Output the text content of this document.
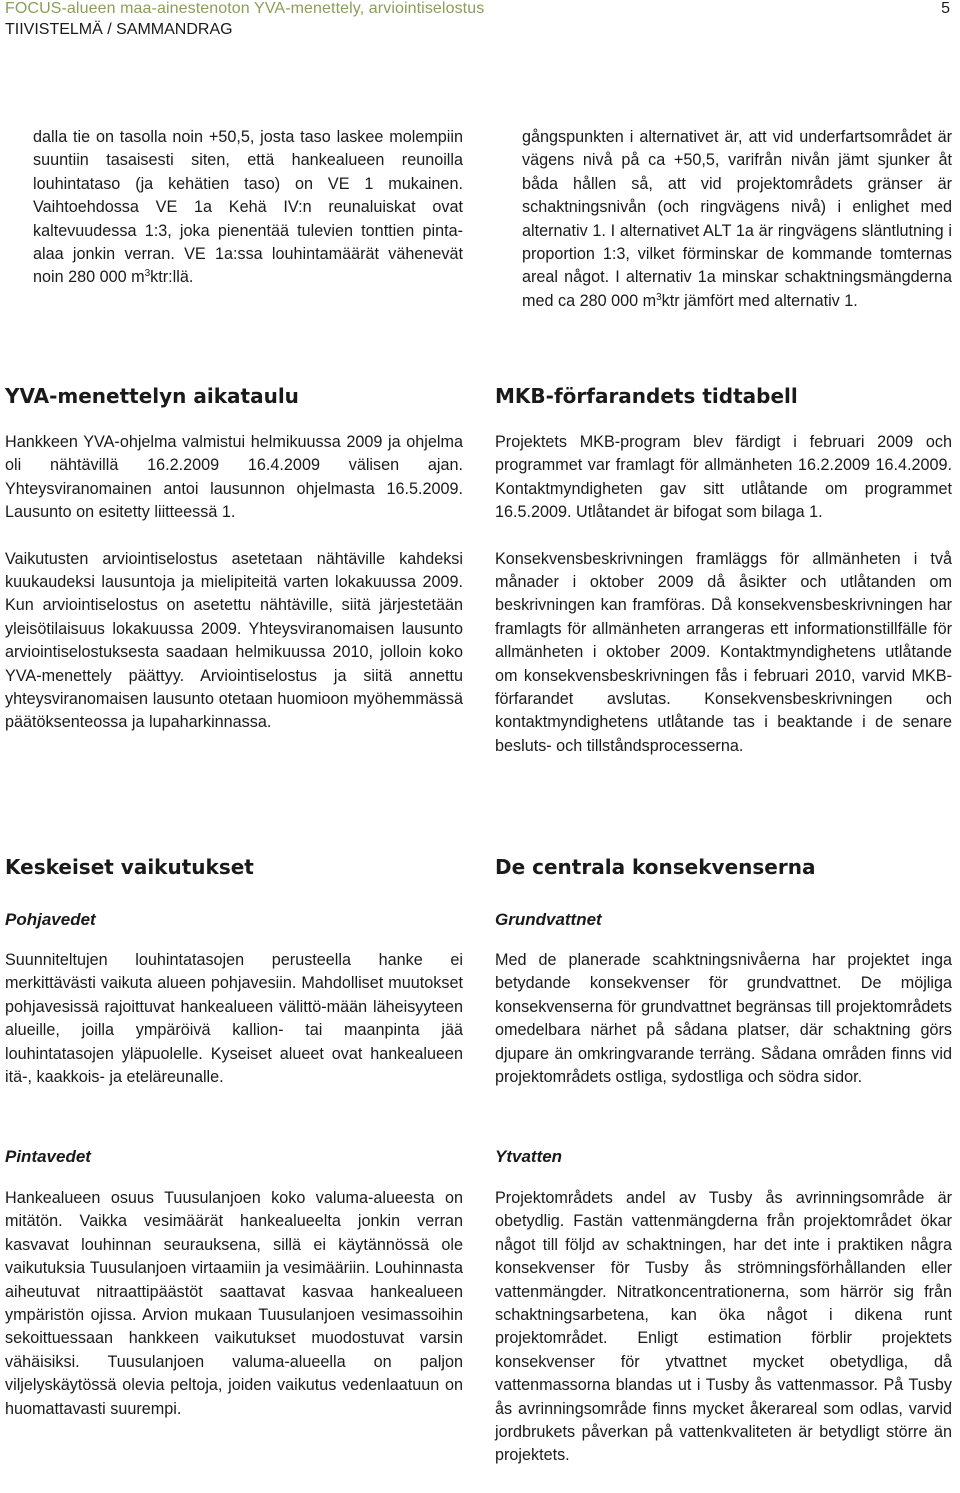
FOCUS-alueen maa-ainestenoton YVA-menettely, arviointiselostus
TIIVISTELMÄ / SAMMANDRAG
5

dalla tie on tasolla noin +50,5, josta taso laskee molempiin suuntiin tasaisesti siten, että hankealueen reunoilla louhintataso (ja kehätien taso) on VE 1 mukainen. Vaihtoehdossa VE 1a Kehä IV:n reunaluiskat ovat kaltevuudessa 1:3, joka pienentää tulevien tonttien pinta-alaa jonkin verran. VE 1a:ssa louhintamäärät vähenevät noin 280 000 $m^3ktr:llä$.

YVA-menettelyn aikataulu

Hankkeen YVA-ohjelma valmistui helmikuussa 2009 ja ohjelma oli nähtävillä 16.2.2009 16.4.2009 välisen ajan. Yhteysviranomainen antoi lausunnon ohjelmasta 16.5.2009. Lausunto on esitetty liitteessä 1.

Vaikutusten arviointiselostus asetetaan nähtäville kahdeksi kuukaudeksi lausuntoja ja mielipiteitä varten lokakuussa 2009. Kun arviointiselostus on asetettu nähtäville, siitä järjestetään yleisötilaisuus lokakuussa 2009. Yhteysviranomaisen lausunto arviointiselostuksesta saadaan helmikuussa 2010, jolloin koko YVA-menettely päättyy. Arviointiselostus ja siitä annettu yhteysviranomaisen lausunto otetaan huomioon myöhemmässä päätöksenteossa ja lupaharkinnassa.

Keskeiset vaikutukset
Pohjavedet

Suunniteltujen louhintatasojen perusteella hanke ei merkittävästi vaikuta alueen pohjavesiin. Mahdolliset muutokset pohjavesissä rajoittuvat hankealueen välittö-mään läheisyyteen alueille, joilla ympäröivä kallion- tai maanpinta jää louhintatasojen yläpuolelle. Kyseiset alueet ovat hankealueen itä-, kaakkois- ja eteläreunalle.

Pintavedet

Hankealueen osuus Tuusulanjoen koko valuma-alueesta on mitätön. Vaikka vesimäärät hankealueelta jonkin verran kasvavat louhinnan seurauksena, sillä ei käytännössä ole vaikutuksia Tuusulanjoen virtaamiin ja vesimääriin. Louhinnasta aiheutuvat nitraattipäästöt saattavat kasvaa hankealueen ympäristön ojissa. Arvion mukaan Tuusulanjoen vesimassoihin sekoittuessaan hankkeen vaikutukset muodostuvat varsin vähäisiksi. Tuusulanjoen valuma-alueella on paljon viljelyskäytössä olevia peltoja, joiden vaikutus vedenlaatuun on huomattavasti suurempi.

gångspunkten i alternativet är, att vid underfartsområdet är vägens nivå på ca +50,5, varifrån nivån jämt sjunker åt båda hållen så, att vid projektområdets gränser är schaktningsnivån (och ringvägens nivå) i enlighet med alternativ 1. I alternativet ALT 1a är ringvägens släntlutning i proportion 1:3, vilket förminskar de kommande tomternas areal något. I alternativ 1a minskar schaktningsmängderna med ca 280 000 $m^3ktr$ jämfört med alternativ 1.

MKB-förfarandets tidtabell

Projektets MKB-program blev färdigt i februari 2009 och programmet var framlagt för allmänheten 16.2.2009 16.4.2009. Kontaktmyndigheten gav sitt utlåtande om programmet 16.5.2009. Utlåtandet är bifogat som bilaga 1.

Konsekvensbeskrivningen framläggs för allmänheten i två månader i oktober 2009 då åsikter och utlåtanden om beskrivningen kan framföras. Då konsekvensbeskrivningen har framlagts för allmänheten arrangeras ett informationstillfälle för allmänheten i oktober 2009. Kontaktmyndighetens utlåtande om konsekvensbeskrivningen fås i februari 2010, varvid MKB-förfarandet avslutas. Konsekvensbeskrivningen och kontaktmyndighetens utlåtande tas i beaktande i de senare besluts- och tillståndsprocesserna.

De centrala konsekvenserna
Grundvattnet

Med de planerade scahktningsnivåerna har projektet inga betydande konsekvenser för grundvattnet. De möjliga konsekvenserna för grundvattnet begränsas till projektområdets omedelbara närhet på sådana platser, där schaktning görs djupare än omkringvarande terräng. Sådana områden finns vid projektområdets ostliga, sydostliga och södra sidor.

Ytvatten

Projektområdets andel av Tusby ås avrinningsområde är obetydlig. Fastän vattenmängderna från projektområdet ökar något till följd av schaktningen, har det inte i praktiken några konsekvenser för Tusby ås strömningsförhållanden eller vattenmängder. Nitratkoncentrationerna, som härrör sig från schaktningsarbetena, kan öka något i dikena runt projektområdet. Enligt estimation förblir projektets konsekvenser för ytvattnet mycket obetydliga, då vattenmassorna blandas ut i Tusby ås vattenmassor. På Tusby ås avrinningsområde finns mycket åkerareal som odlas, varvid jordbrukets påverkan på vattenkvaliteten är betydligt större än projektets.
